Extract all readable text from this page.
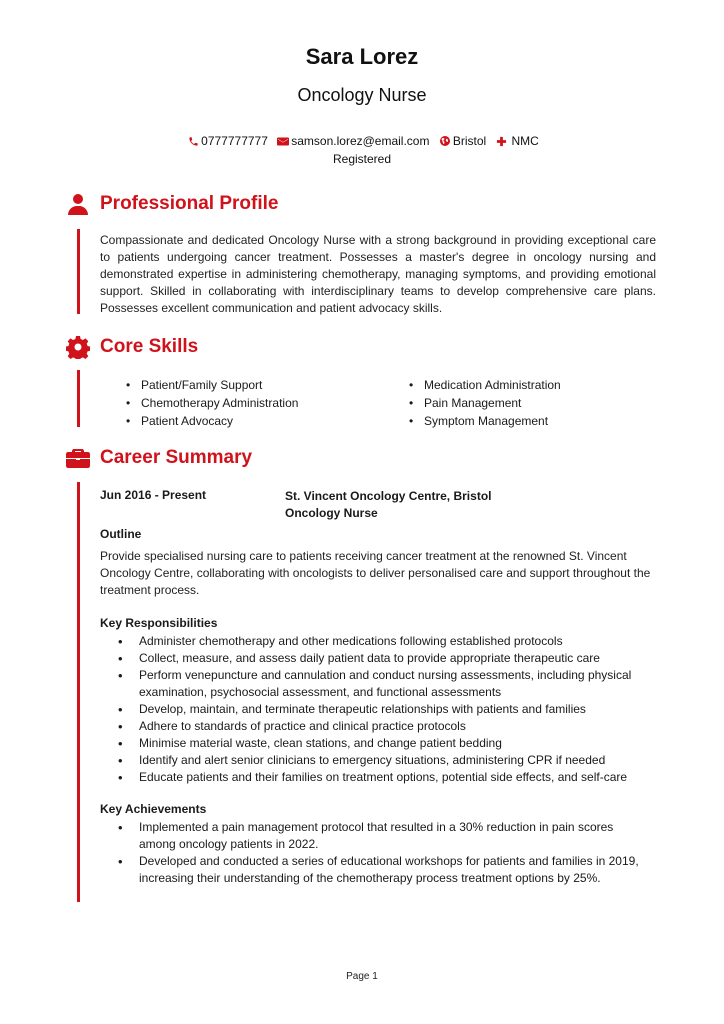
Sara Lorez
Oncology Nurse
0777777777 samson.lorez@email.com Bristol NMC Registered
Professional Profile
Compassionate and dedicated Oncology Nurse with a strong background in providing exceptional care to patients undergoing cancer treatment. Possesses a master's degree in oncology nursing and demonstrated expertise in administering chemotherapy, managing symptoms, and providing emotional support. Skilled in collaborating with interdisciplinary teams to develop comprehensive care plans. Possesses excellent communication and patient advocacy skills.
Core Skills
• Patient/Family Support
• Chemotherapy Administration
• Patient Advocacy
• Medication Administration
• Pain Management
• Symptom Management
Career Summary
Jun 2016 - Present	St. Vincent Oncology Centre, Bristol
Oncology Nurse
Outline
Provide specialised nursing care to patients receiving cancer treatment at the renowned St. Vincent Oncology Centre, collaborating with oncologists to deliver personalised care and support throughout the treatment process.
Key Responsibilities
• Administer chemotherapy and other medications following established protocols
• Collect, measure, and assess daily patient data to provide appropriate therapeutic care
• Perform venepuncture and cannulation and conduct nursing assessments, including physical examination, psychosocial assessment, and functional assessments
• Develop, maintain, and terminate therapeutic relationships with patients and families
• Adhere to standards of practice and clinical practice protocols
• Minimise material waste, clean stations, and change patient bedding
• Identify and alert senior clinicians to emergency situations, administering CPR if needed
• Educate patients and their families on treatment options, potential side effects, and self-care
Key Achievements
• Implemented a pain management protocol that resulted in a 30% reduction in pain scores among oncology patients in 2022.
• Developed and conducted a series of educational workshops for patients and families in 2019, increasing their understanding of the chemotherapy process treatment options by 25%.
Page 1
